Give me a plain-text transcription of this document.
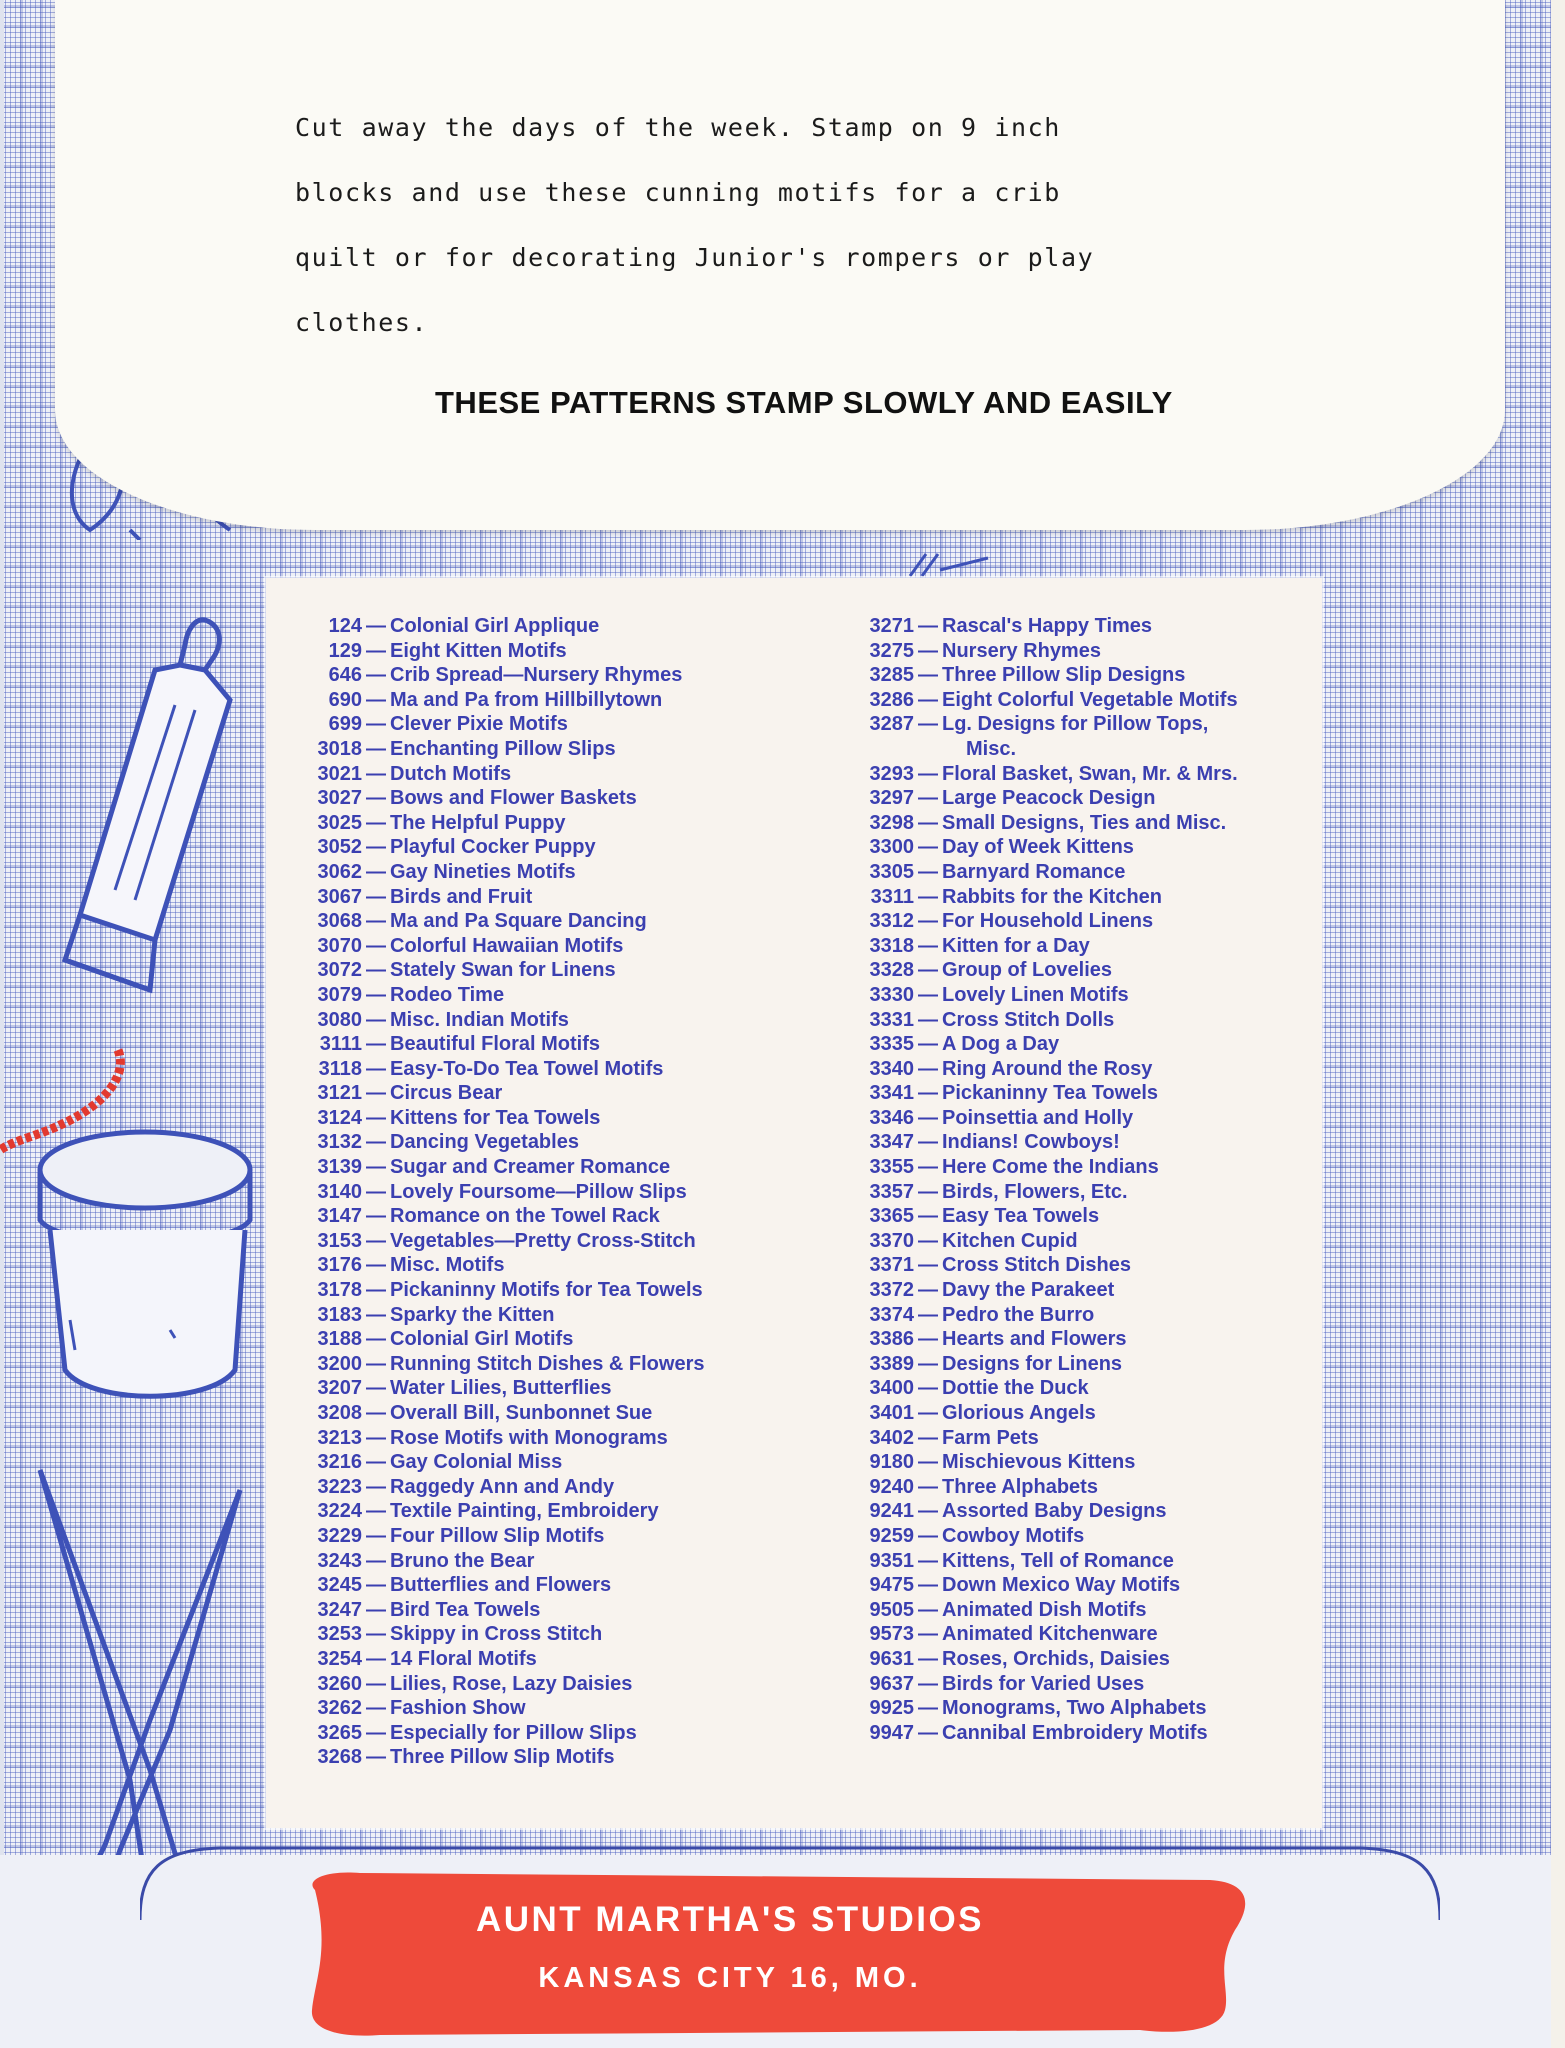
Cut away the days of the week. Stamp on 9 inch

blocks and use these cunning motifs for a crib

quilt or for decorating Junior's rompers or play

clothes.

THESE PATTERNS STAMP SLOWLY AND EASILY
124 — Colonial Girl Applique
129 — Eight Kitten Motifs
646 — Crib Spread—Nursery Rhymes
690 — Ma and Pa from Hillbillytown
699 — Clever Pixie Motifs
3018 — Enchanting Pillow Slips
3021 — Dutch Motifs
3027 — Bows and Flower Baskets
3025 — The Helpful Puppy
3052 — Playful Cocker Puppy
3062 — Gay Nineties Motifs
3067 — Birds and Fruit
3068 — Ma and Pa Square Dancing
3070 — Colorful Hawaiian Motifs
3072 — Stately Swan for Linens
3079 — Rodeo Time
3080 — Misc. Indian Motifs
3111 — Beautiful Floral Motifs
3118 — Easy-To-Do Tea Towel Motifs
3121 — Circus Bear
3124 — Kittens for Tea Towels
3132 — Dancing Vegetables
3139 — Sugar and Creamer Romance
3140 — Lovely Foursome—Pillow Slips
3147 — Romance on the Towel Rack
3153 — Vegetables—Pretty Cross-Stitch
3176 — Misc. Motifs
3178 — Pickaninny Motifs for Tea Towels
3183 — Sparky the Kitten
3188 — Colonial Girl Motifs
3200 — Running Stitch Dishes & Flowers
3207 — Water Lilies, Butterflies
3208 — Overall Bill, Sunbonnet Sue
3213 — Rose Motifs with Monograms
3216 — Gay Colonial Miss
3223 — Raggedy Ann and Andy
3224 — Textile Painting, Embroidery
3229 — Four Pillow Slip Motifs
3243 — Bruno the Bear
3245 — Butterflies and Flowers
3247 — Bird Tea Towels
3253 — Skippy in Cross Stitch
3254 — 14 Floral Motifs
3260 — Lilies, Rose, Lazy Daisies
3262 — Fashion Show
3265 — Especially for Pillow Slips
3268 — Three Pillow Slip Motifs
3271 — Rascal's Happy Times
3275 — Nursery Rhymes
3285 — Three Pillow Slip Designs
3286 — Eight Colorful Vegetable Motifs
3287 — Lg. Designs for Pillow Tops,
Misc.
3293 — Floral Basket, Swan, Mr. & Mrs.
3297 — Large Peacock Design
3298 — Small Designs, Ties and Misc.
3300 — Day of Week Kittens
3305 — Barnyard Romance
3311 — Rabbits for the Kitchen
3312 — For Household Linens
3318 — Kitten for a Day
3328 — Group of Lovelies
3330 — Lovely Linen Motifs
3331 — Cross Stitch Dolls
3335 — A Dog a Day
3340 — Ring Around the Rosy
3341 — Pickaninny Tea Towels
3346 — Poinsettia and Holly
3347 — Indians! Cowboys!
3355 — Here Come the Indians
3357 — Birds, Flowers, Etc.
3365 — Easy Tea Towels
3370 — Kitchen Cupid
3371 — Cross Stitch Dishes
3372 — Davy the Parakeet
3374 — Pedro the Burro
3386 — Hearts and Flowers
3389 — Designs for Linens
3400 — Dottie the Duck
3401 — Glorious Angels
3402 — Farm Pets
9180 — Mischievous Kittens
9240 — Three Alphabets
9241 — Assorted Baby Designs
9259 — Cowboy Motifs
9351 — Kittens, Tell of Romance
9475 — Down Mexico Way Motifs
9505 — Animated Dish Motifs
9573 — Animated Kitchenware
9631 — Roses, Orchids, Daisies
9637 — Birds for Varied Uses
9925 — Monograms, Two Alphabets
9947 — Cannibal Embroidery Motifs
AUNT MARTHA'S STUDIOS
KANSAS CITY 16, MO.
